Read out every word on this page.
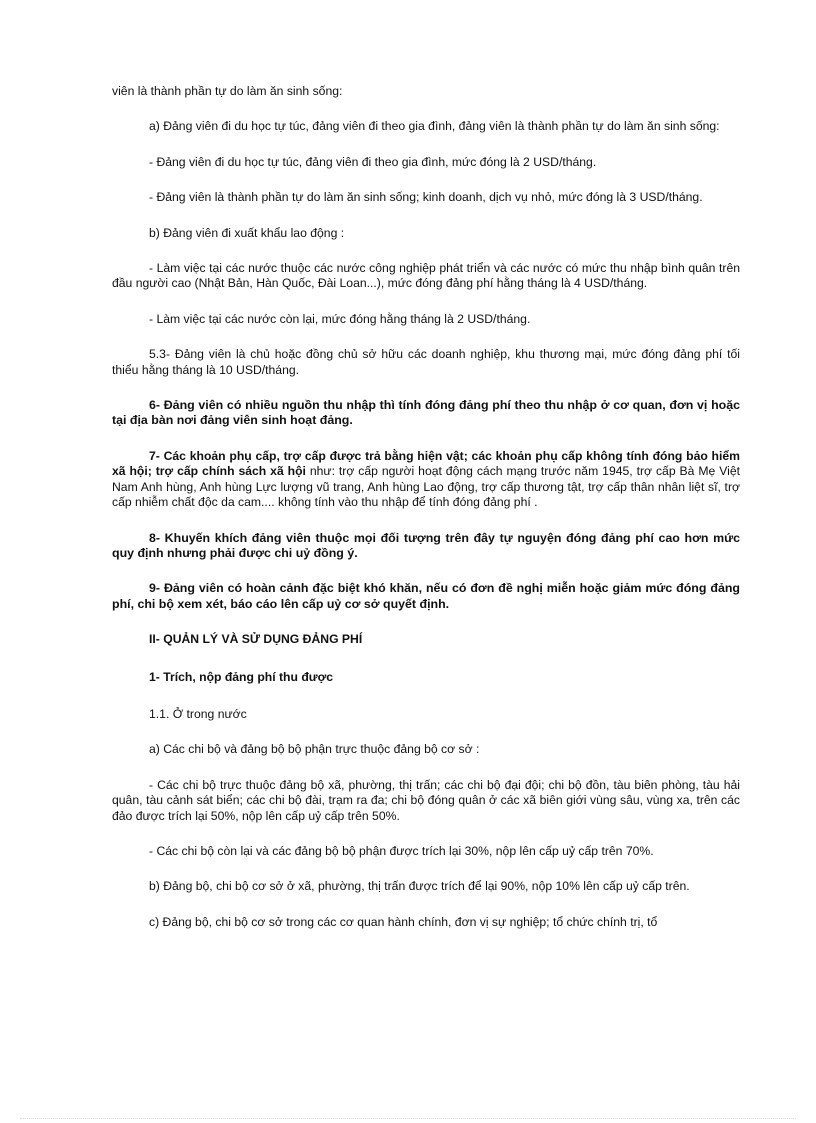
viên là thành phần tự do làm ăn sinh sống:

a) Đảng viên đi du học tự túc, đảng viên đi theo gia đình, đảng viên là thành phần tự do làm ăn sinh sống:

- Đảng viên đi du học tự túc, đảng viên đi theo gia đình, mức đóng là 2 USD/tháng.

- Đảng viên là thành phần tự do làm ăn sinh sống; kinh doanh, dịch vụ nhỏ, mức đóng là 3 USD/tháng.

b) Đảng viên đi xuất khẩu lao động :

- Làm việc tại các nước thuộc các nước công nghiệp phát triển và các nước có mức thu nhập bình quân trên đầu người cao (Nhật Bản, Hàn Quốc, Đài Loan...), mức đóng đảng phí hằng tháng là 4 USD/tháng.

- Làm việc tại các nước còn lại, mức đóng hằng tháng là 2 USD/tháng.

5.3- Đảng viên là chủ hoặc đồng chủ sở hữu các doanh nghiệp, khu thương mại, mức đóng đảng phí tối thiểu hằng tháng là 10 USD/tháng.

6- Đảng viên có nhiều nguồn thu nhập thì tính đóng đảng phí theo thu nhập ở cơ quan, đơn vị hoặc tại địa bàn nơi đảng viên sinh hoạt đảng.

7- Các khoản phụ cấp, trợ cấp được trả bằng hiện vật; các khoản phụ cấp không tính đóng bảo hiểm xã hội; trợ cấp chính sách xã hội như: trợ cấp người hoạt động cách mạng trước năm 1945, trợ cấp Bà Mẹ Việt Nam Anh hùng, Anh hùng Lực lượng vũ trang, Anh hùng Lao động, trợ cấp thương tật, trợ cấp thân nhân liệt sĩ, trợ cấp nhiễm chất độc da cam.... không tính vào thu nhập để tính đóng đảng phí .

8- Khuyến khích đảng viên thuộc mọi đối tượng trên đây tự nguyện đóng đảng phí cao hơn mức quy định nhưng phải được chi uỷ đồng ý.

9- Đảng viên có hoàn cảnh đặc biệt khó khăn, nếu có đơn đề nghị miễn hoặc giảm mức đóng đảng phí, chi bộ xem xét, báo cáo lên cấp uỷ cơ sở quyết định.

II- QUẢN LÝ VÀ SỬ DỤNG ĐẢNG PHÍ

1- Trích, nộp đảng phí thu được

1.1. Ở trong nước

a) Các chi bộ và đảng bộ bộ phận trực thuộc đảng bộ cơ sở :

- Các chi bộ trực thuộc đảng bộ xã, phường, thị trấn; các chi bộ đại đội; chi bộ đồn, tàu biên phòng, tàu hải quân, tàu cảnh sát biển; các chi bộ đài, trạm ra đa; chi bộ đóng quân ở các xã biên giới vùng sâu, vùng xa, trên các đảo được trích lại 50%, nộp lên cấp uỷ cấp trên 50%.

- Các chi bộ còn lại và các đảng bộ bộ phận được trích lại 30%, nộp lên cấp uỷ cấp trên 70%.

b) Đảng bộ, chi bộ cơ sở ở xã, phường, thị trấn được trích để lại 90%, nộp 10% lên cấp uỷ cấp trên.

c) Đảng bộ, chi bộ cơ sở trong các cơ quan hành chính, đơn vị sự nghiệp; tổ chức chính trị, tổ
